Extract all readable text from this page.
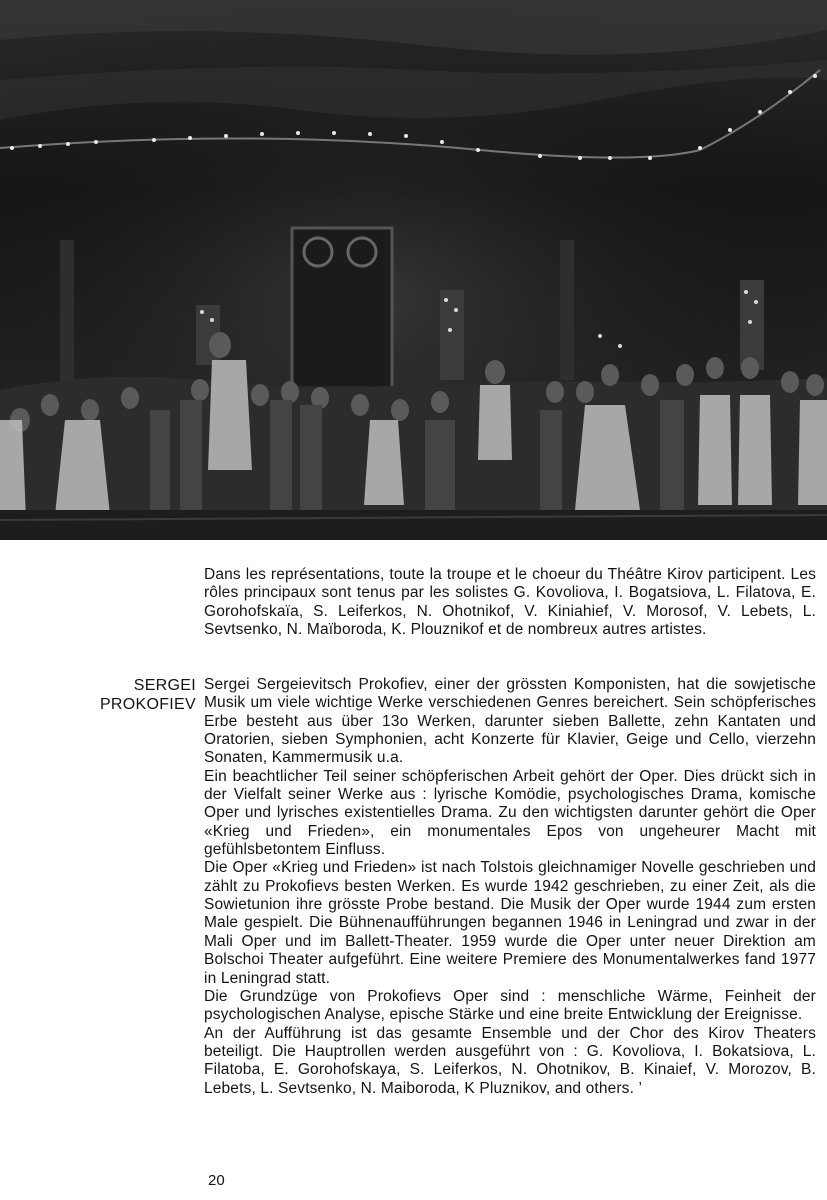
Dans les représentations, toute la troupe et le choeur du Théâtre Kirov participent. Les rôles principaux sont tenus par les solistes G. Kovoliova, I. Bogatsiova, L. Filatova, E. Gorohofskaïa, S. Leiferkos, N. Ohotnikof, V. Kiniahief, V. Morosof, V. Lebets, L. Sevtsenko, N. Maïboroda, K. Plouznikof et de nombreux autres artistes.

SERGEI
PROKOFIEV

Sergei Sergeievitsch Prokofiev, einer der grössten Komponisten, hat die sowjetische Musik um viele wichtige Werke verschiedenen Genres bereichert. Sein schöpferisches Erbe besteht aus über 13o Werken, darunter sieben Ballette, zehn Kantaten und Oratorien, sieben Symphonien, acht Konzerte für Klavier, Geige und Cello, vierzehn Sonaten, Kammermusik u.a.

Ein beachtlicher Teil seiner schöpferischen Arbeit gehört der Oper. Dies drückt sich in der Vielfalt seiner Werke aus : lyrische Komödie, psychologisches Drama, komische Oper und lyrisches existentielles Drama. Zu den wichtigsten darunter gehört die Oper «Krieg und Frieden», ein monumentales Epos von ungeheurer Macht mit gefühlsbetontem Einfluss.

Die Oper «Krieg und Frieden» ist nach Tolstois gleichnamiger Novelle geschrieben und zählt zu Prokofievs besten Werken. Es wurde 1942 geschrieben, zu einer Zeit, als die Sowietunion ihre grösste Probe bestand. Die Musik der Oper wurde 1944 zum ersten Male gespielt. Die Bühnenaufführungen begannen 1946 in Leningrad und zwar in der Mali Oper und im Ballett-Theater. 1959 wurde die Oper unter neuer Direktion am Bolschoi Theater aufgeführt. Eine weitere Premiere des Monumentalwerkes fand 1977 in Leningrad statt.

Die Grundzüge von Prokofievs Oper sind : menschliche Wärme, Feinheit der psychologischen Analyse, epische Stärke und eine breite Entwicklung der Ereignisse.

An der Aufführung ist das gesamte Ensemble und der Chor des Kirov Theaters beteiligt. Die Hauptrollen werden ausgeführt von : G. Kovoliova, I. Bokatsiova, L. Filatoba, E. Gorohofskaya, S. Leiferkos, N. Ohotnikov, B. Kinaief, V. Morozov, B. Lebets, L. Sevtsenko, N. Maiboroda, K Pluznikov, and others. ’

20
